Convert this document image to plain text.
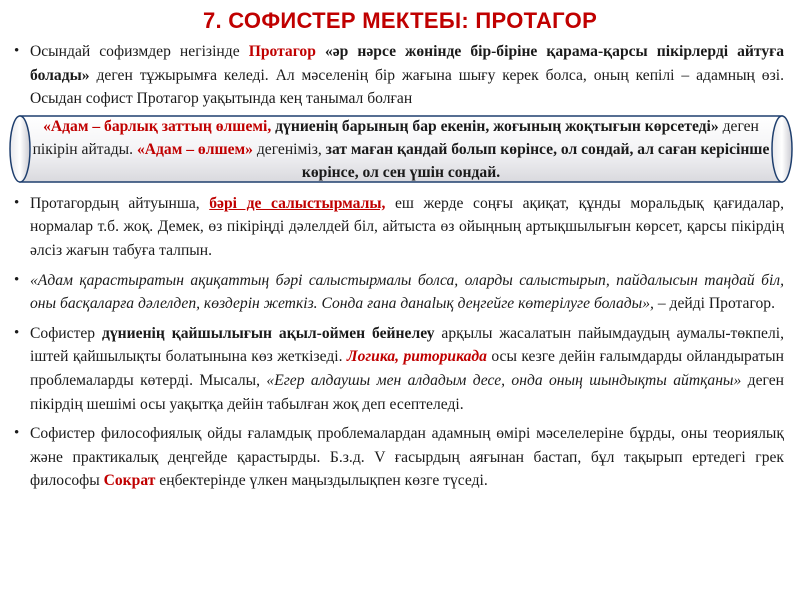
7. СОФИСТЕР МЕКТЕБІ: ПРОТАГОР
• Осындай софизмдер негізінде Протагор «әр нәрсе жөнінде бір-біріне қарама-қарсы пікірлерді айтуға болады» деген тұжырымға келеді. Ал мәселенің бір жағына шығу керек болса, оның кепілі – адамның өзі. Осыдан софист Протагор уақытында кең танымал болған
«Адам – барлық заттың өлшемі, дүниенің барының бар екенін, жоғының жоқтығын көрсетеді» деген пікірін айтады. «Адам – өлшем» дегеніміз, зат маған қандай болып көрінсе, ол сондай, ал саған керісінше көрінсе, ол сен үшін сондай.
• Протагордың айтуынша, бәрі де салыстырмалы, еш жерде соңғы ақиқат, құнды моральдық қағидалар, нормалар т.б. жоқ. Демек, өз пікіріңді дәлелдей біл, айтыста өз ойыңның артықшылығын көрсет, қарсы пікірдің әлсіз жағын табуға талпын.
• «Адам қарастыратын ақиқаттың бәрі салыстырмалы болса, оларды салыстырып, пайдалысын таңдай біл, оны басқаларға дәлелдеп, көздерін жеткіз. Сонда ғана данalық деңгейге көтерілуге болады», – дейді Протагор.
• Софистер дүниенің қайшылығын ақыл-оймен бейнелеу арқылы жасалатын пайымдаудың аумалы-төкпелі, іштей қайшылықты болатынына көз жеткізеді. Логика, риторикада осы кезге дейін ғалымдарды ойландыратын проблемаларды көтерді. Мысалы, «Егер алдаушы мен алдадым десе, онда оның шындықты айтқаны» деген пікірдің шешімі осы уақытқа дейін табылған жоқ деп есептеледі.
• Софистер философиялық ойды ғаламдық проблемалардан адамның өмірі мәселелеріне бұрды, оны теориялық және практикалық деңгейде қарастырды. Б.з.д. V ғасырдың аяғынан бастап, бұл тақырып ертедегі грек философы Сократ еңбектерінде үлкен маңыздылықпен көзге түседі.
